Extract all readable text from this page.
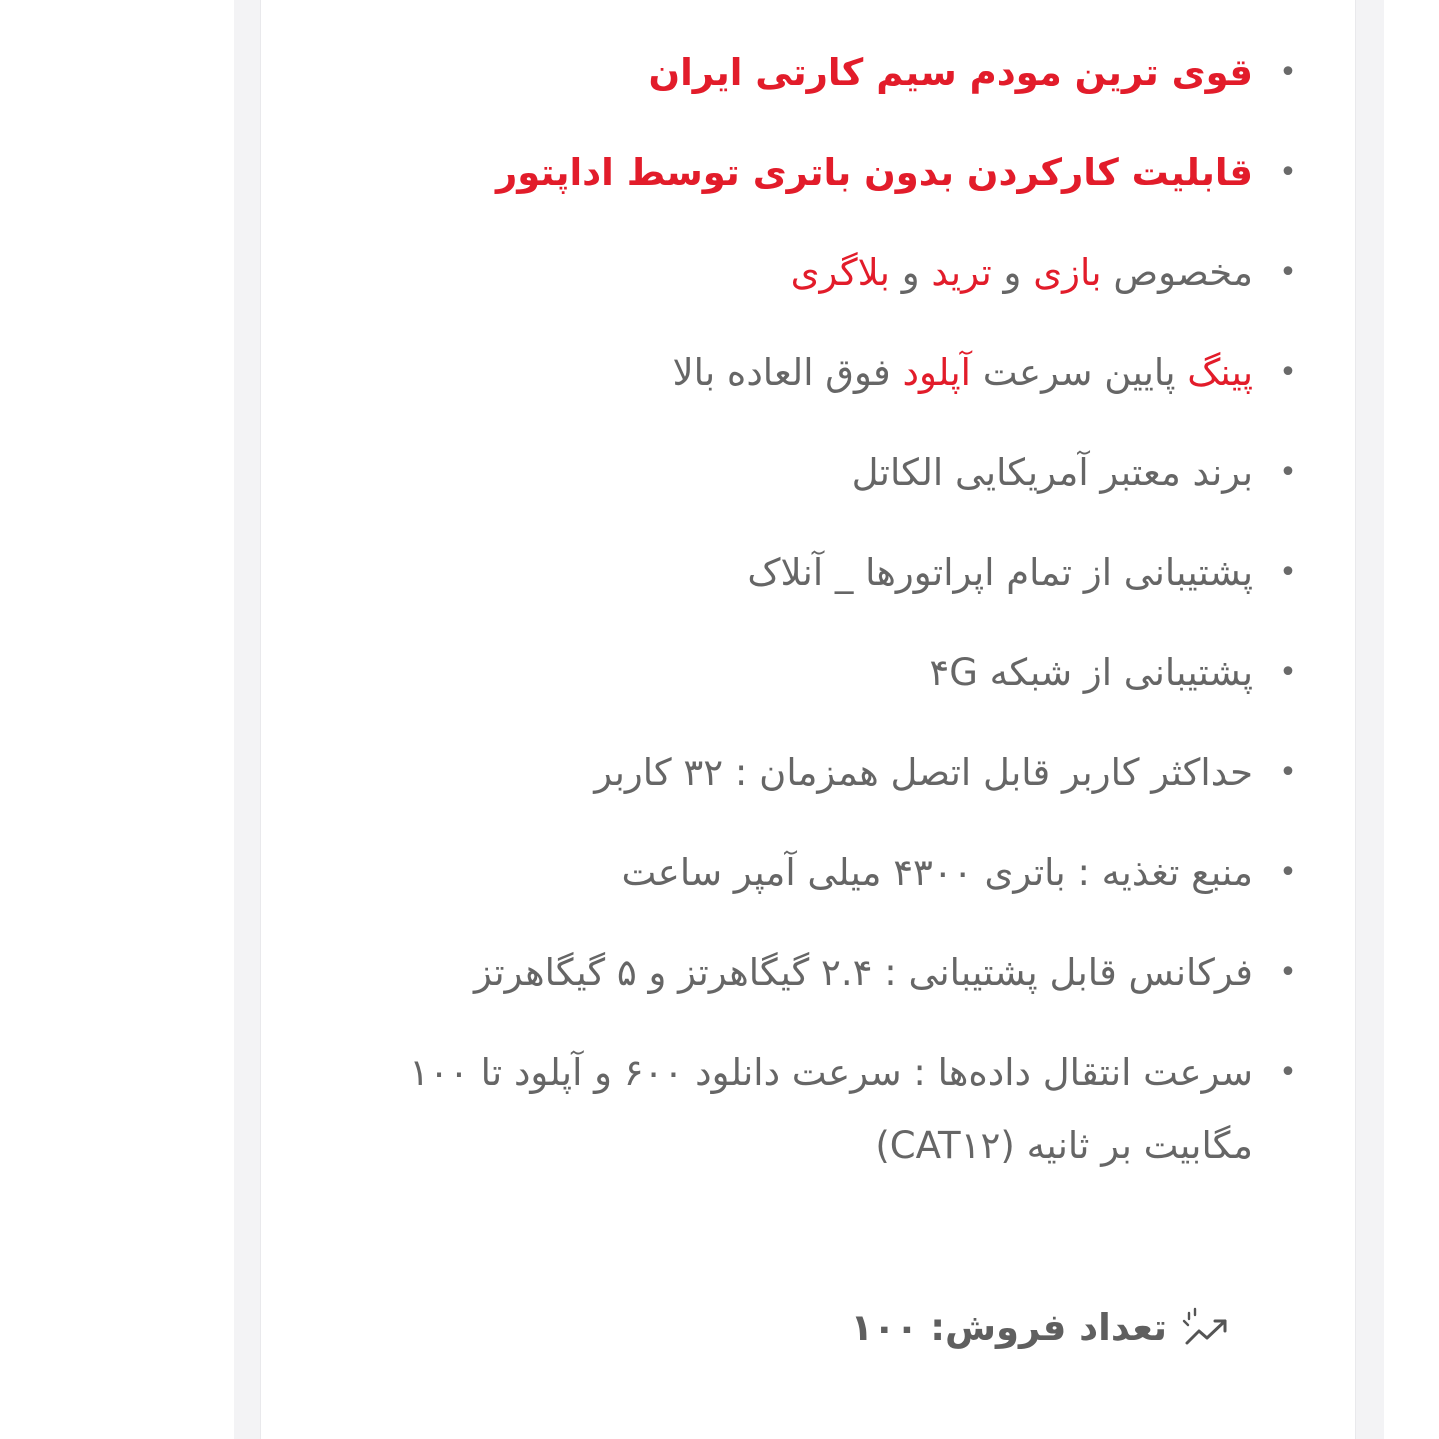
•
قوی ترین مودم سیم کارتی ایران
•
قابلیت کارکردن بدون باتری توسط اداپتور
•
مخصوص بازی و ترید و بلاگری
•
پینگ پایین سرعت آپلود فوق العاده بالا
•
برند معتبر آمریکایی الکاتل
•
پشتیبانی از تمام اپراتورها _ آنلاک
•
پشتیبانی از شبکه ۴G
•
حداکثر کاربر قابل اتصل همزمان : ۳۲ کاربر
•
منبع تغذیه : باتری ۴۳۰۰ میلی آمپر ساعت
•
فرکانس قابل پشتیبانی : ۲.۴ گیگاهرتز و ۵ گیگاهرتز
•
سرعت انتقال داده‌ها : سرعت دانلود ۶۰۰ و آپلود تا ۱۰۰ مگابیت بر ثانیه (CAT۱۲)
تعداد فروش:
۱۰۰
